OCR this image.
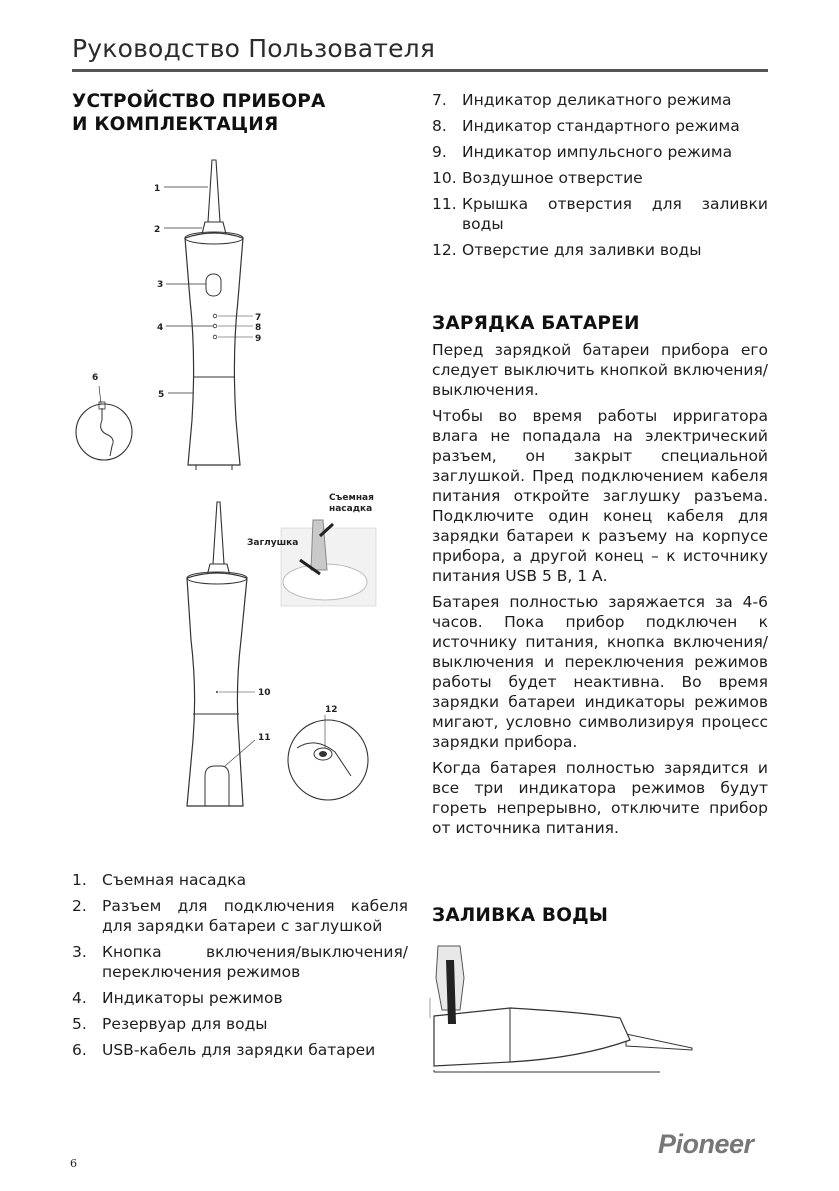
Руководство Пользователя
УСТРОЙСТВО ПРИБОРА
И КОМПЛЕКТАЦИЯ
1
2
3
4
5
6
7
8
9
10
11
Съемная
насадка
Заглушка
12
1. Съемная насадка
2. Разъем для подключения кабеля для зарядки батареи с заглушкой
3. Кнопка включения/выключения/ переключения режимов
4. Индикаторы режимов
5. Резервуар для воды
6. USB-кабель для зарядки батареи
7. Индикатор деликатного режима
8. Индикатор стандартного режима
9. Индикатор импульсного режима
10. Воздушное отверстие
11. Крышка отверстия для заливки воды
12. Отверстие для заливки воды
ЗАРЯДКА БАТАРЕИ

Перед зарядкой батареи прибора его следует выключить кнопкой включения/выключения.

Чтобы во время работы ирригатора влага не попадала на электрический разъем, он закрыт специальной заглушкой. Пред подключением кабеля питания откройте заглушку разъема. Подключите один конец кабеля для зарядки батареи к разъему на корпусе прибора, а другой конец – к источнику питания USB 5 В, 1 А.

Батарея полностью заряжается за 4-6 часов. Пока прибор подключен к источнику питания, кнопка включения/выключения и переключения режимов работы будет неактивна. Во время зарядки батареи индикаторы режимов мигают, условно символизируя процесс зарядки прибора.

Когда батарея полностью зарядится и все три индикатора режимов будут гореть непрерывно, отключите прибор от источника питания.

ЗАЛИВКА ВОДЫ
6
Pioneer
